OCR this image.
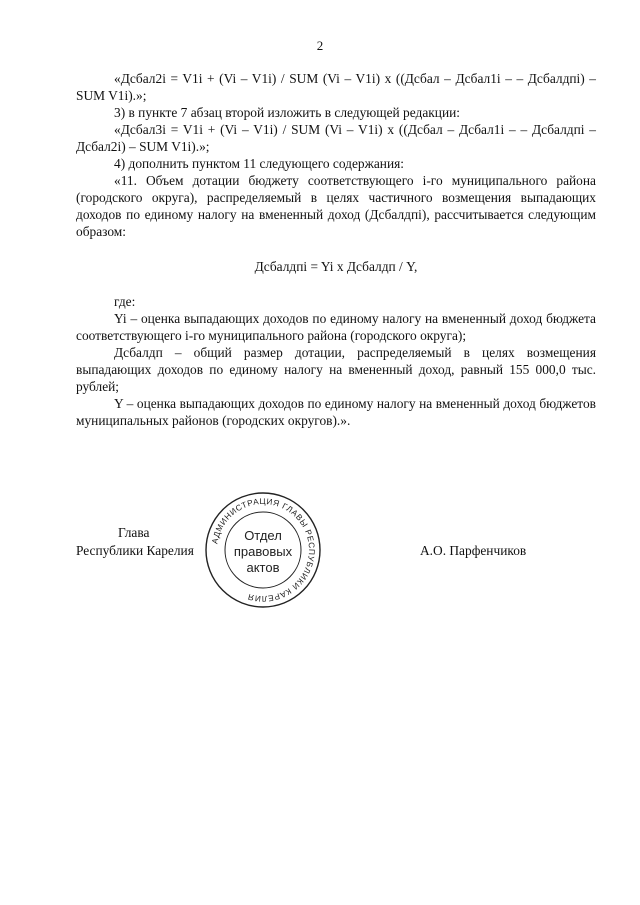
2

«Дсбал2i = V1i + (Vi – V1i) / SUM (Vi – V1i) x ((Дсбал – Дсбал1i – – Дсбалдпi) – SUM V1i).»;

3) в пункте 7 абзац второй изложить в следующей редакции:

«Дсбал3i = V1i + (Vi – V1i) / SUM (Vi – V1i) x ((Дсбал – Дсбал1i – – Дсбалдпi – Дсбал2i) – SUM V1i).»;

4) дополнить пунктом 11 следующего содержания:

«11. Объем дотации бюджету соответствующего i-го муниципального района (городского округа), распределяемый в целях частичного возмещения выпадающих доходов по единому налогу на вмененный доход (Дсбалдпi), рассчитывается следующим образом:

Дсбалдпi = Yi x Дсбалдп / Y,

где:

Yi – оценка выпадающих доходов по единому налогу на вмененный доход бюджета соответствующего i-го муниципального района (городского округа);

Дсбалдп – общий размер дотации, распределяемый в целях возмещения выпадающих доходов по единому налогу на вмененный доход, равный 155 000,0 тыс. рублей;

Y – оценка выпадающих доходов по единому налогу на вмененный доход бюджетов муниципальных районов (городских округов).».

Глава
Республики Карелия	А.О. Парфенчиков
АДМИНИСТРАЦИЯ ГЛАВЫ РЕСПУБЛИКИ КАРЕЛИЯ
Отдел
правовых
актов
